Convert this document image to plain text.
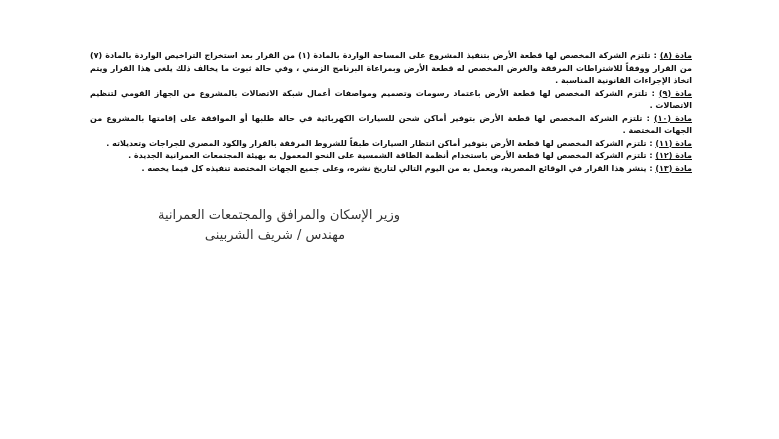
مادة (٨) : تلتزم الشركة المخصص لها قطعة الأرض بتنفيذ المشروع على المساحة الواردة بالمادة (١) من القرار بعد استخراج التراخيص الواردة بالمادة (٧) من القرار ووفقاً للاشتراطات المرفقة والغرض المخصص له قطعة الأرض وبمراعاة البرنامج الزمني ، وفي حالة ثبوت ما يخالف ذلك يلغى هذا القرار ويتم اتخاذ الإجراءات القانونية المناسبة .

مادة (٩) : تلتزم الشركة المخصص لها قطعة الأرض باعتماد رسومات وتصميم ومواصفات أعمال شبكة الاتصالات بالمشروع من الجهاز القومي لتنظيم الاتصالات .

مادة (١٠) : تلتزم الشركة المخصص لها قطعة الأرض بتوفير أماكن شحن للسيارات الكهربائية في حالة طلبها أو الموافقة على إقامتها بالمشروع من الجهات المختصة .

مادة (١١) : تلتزم الشركة المخصص لها قطعة الأرض بتوفير أماكن انتظار السيارات طبقاً للشروط المرفقة بالقرار والكود المصري للجراجات وتعديلاته .

مادة (١٢) : تلتزم الشركة المخصص لها قطعة الأرض باستخدام أنظمة الطاقة الشمسية على النحو المعمول به بهيئة المجتمعات العمرانية الجديدة .

مادة (١٣) : ينشر هذا القرار في الوقائع المصرية، ويعمل به من اليوم التالي لتاريخ نشره، وعلى جميع الجهات المختصة تنفيذه كل فيما يخصه .

وزير الإسكان والمرافق والمجتمعات العمرانية
مهندس / شريف الشربينى
